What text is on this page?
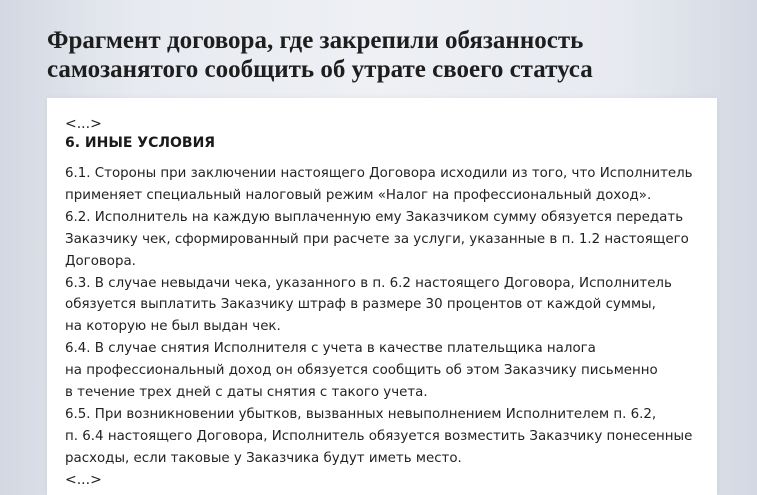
Фрагмент договора, где закрепили обязанность
самозанятого сообщить об утрате своего статуса
<...>
6. ИНЫЕ УСЛОВИЯ
6.1. Стороны при заключении настоящего Договора исходили из того, что Исполнитель
применяет специальный налоговый режим «Налог на профессиональный доход».
6.2. Исполнитель на каждую выплаченную ему Заказчиком сумму обязуется передать
Заказчику чек, сформированный при расчете за услуги, указанные в п. 1.2 настоящего
Договора.
6.3. В случае невыдачи чека, указанного в п. 6.2 настоящего Договора, Исполнитель
обязуется выплатить Заказчику штраф в размере 30 процентов от каждой суммы,
на которую не был выдан чек.
6.4. В случае снятия Исполнителя с учета в качестве плательщика налога
на профессиональный доход он обязуется сообщить об этом Заказчику письменно
в течение трех дней с даты снятия с такого учета.
6.5. При возникновении убытков, вызванных невыполнением Исполнителем п. 6.2,
п. 6.4 настоящего Договора, Исполнитель обязуется возместить Заказчику понесенные
расходы, если таковые у Заказчика будут иметь место.
<...>
